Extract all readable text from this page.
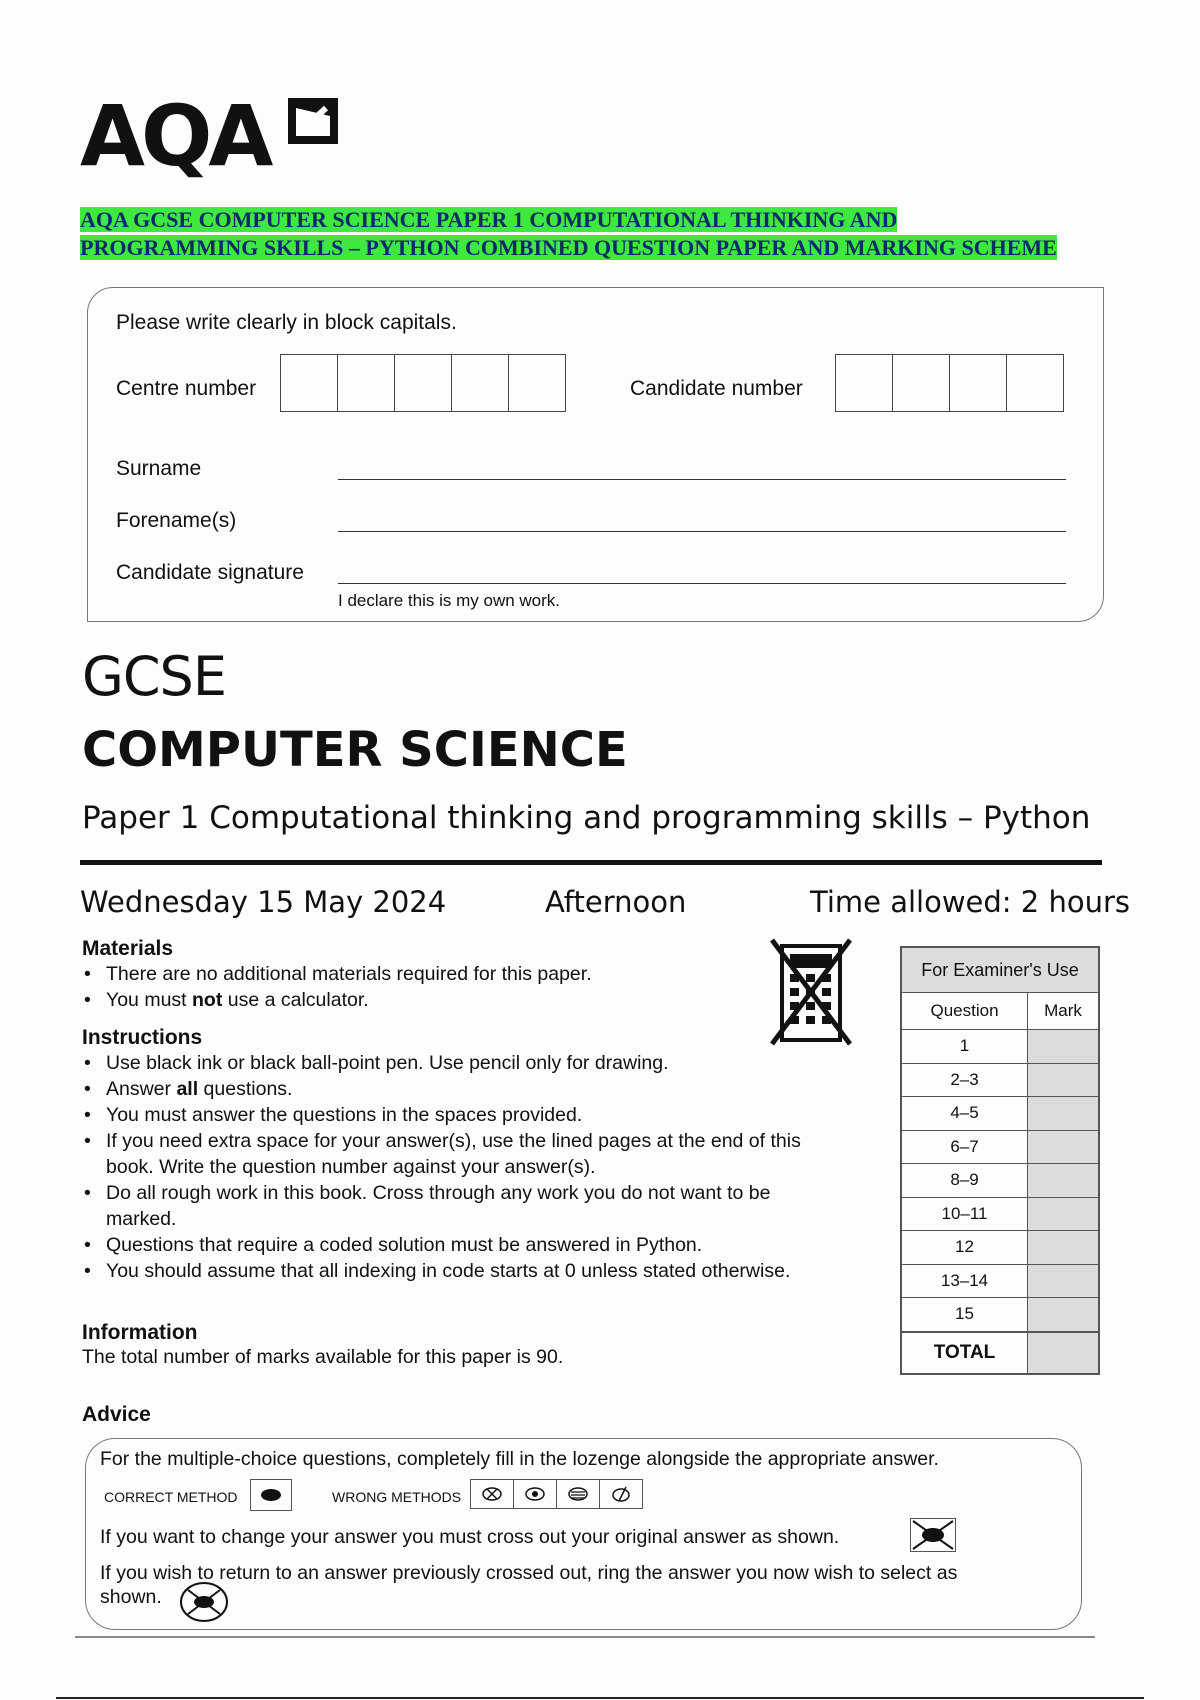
AQA
AQA GCSE COMPUTER SCIENCE PAPER 1 COMPUTATIONAL THINKING AND
PROGRAMMING SKILLS – PYTHON COMBINED QUESTION PAPER AND MARKING SCHEME
Please write clearly in block capitals.
Centre number	Candidate number
Surname
Forename(s)
Candidate signature
I declare this is my own work.
GCSE
COMPUTER SCIENCE
Paper 1 Computational thinking and programming skills – Python
Wednesday 15 May 2024	Afternoon	Time allowed: 2 hours
Materials
• There are no additional materials required for this paper.
• You must not use a calculator.
Instructions
• Use black ink or black ball-point pen. Use pencil only for drawing.
• Answer all questions.
• You must answer the questions in the spaces provided.
• If you need extra space for your answer(s), use the lined pages at the end of this book. Write the question number against your answer(s).
• Do all rough work in this book. Cross through any work you do not want to be marked.
• Questions that require a coded solution must be answered in Python.
• You should assume that all indexing in code starts at 0 unless stated otherwise.
Information
The total number of marks available for this paper is 90.
For Examiner's Use	
Question	Mark
1	
2–3	
4–5	
6–7	
8–9	
10–11	
12	
13–14	
15	
TOTAL	
Advice
For the multiple-choice questions, completely fill in the lozenge alongside the appropriate answer.
CORRECT METHOD	WRONG METHODS
If you want to change your answer you must cross out your original answer as shown.
If you wish to return to an answer previously crossed out, ring the answer you now wish to select as
shown.
